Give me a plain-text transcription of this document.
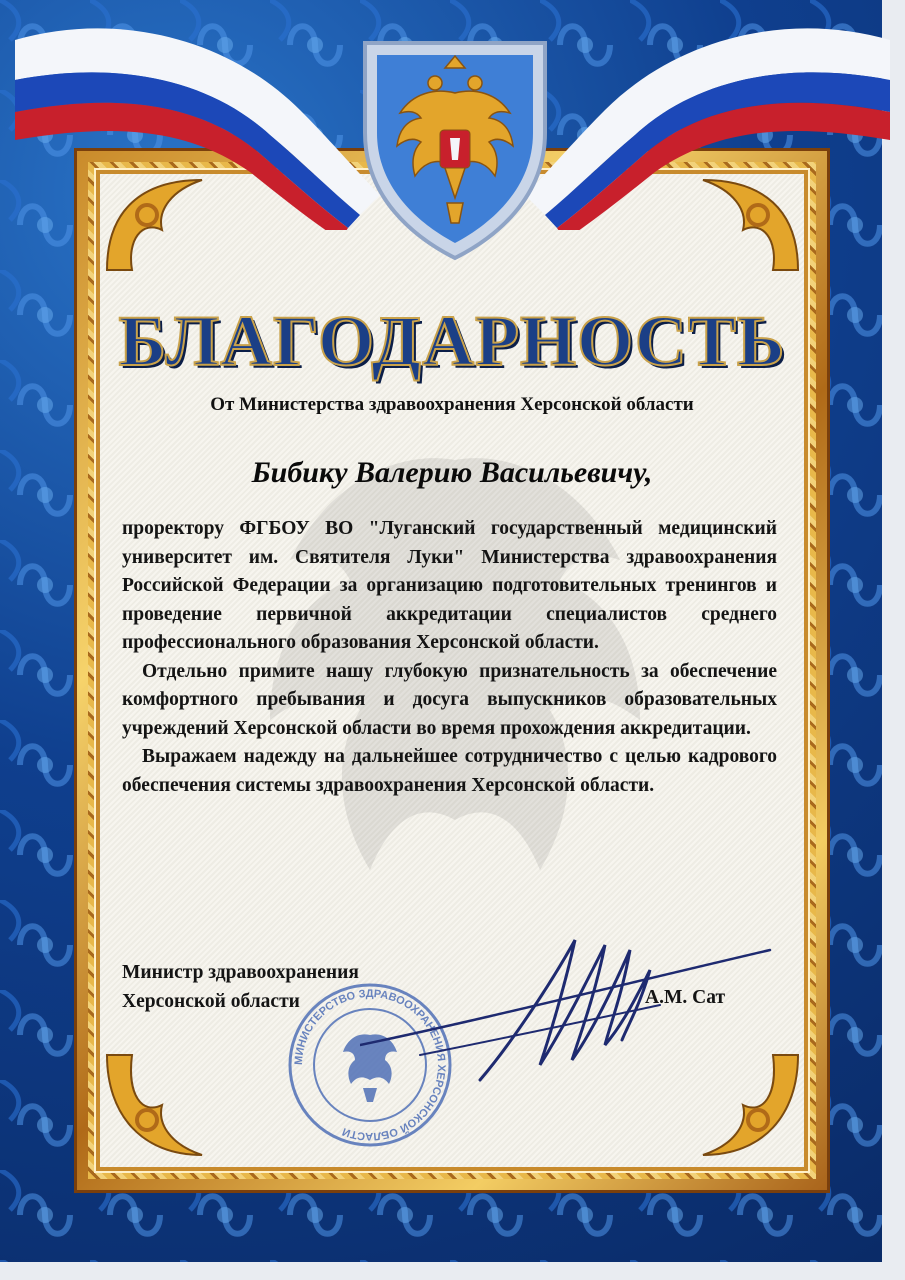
БЛАГОДАРНОСТЬ
От Министерства здравоохранения Херсонской области
Бибику Валерию Васильевичу,

проректору ФГБОУ ВО "Луганский государственный медицинский университет им. Святителя Луки" Министерства здравоохранения Российской Федерации за организацию подготовительных тренингов и проведение первичной аккредитации специалистов среднего профессионального образования Херсонской области.

Отдельно примите нашу глубокую признательность за обеспечение комфортного пребывания и досуга выпускников образовательных учреждений Херсонской области во время прохождения аккредитации.

Выражаем надежду на дальнейшее сотрудничество с целью кадрового обеспечения системы здравоохранения Херсонской области.

Министр здравоохранения
Херсонской области	А.М. Сат
МИНИСТЕРСТВО ЗДРАВООХРАНЕНИЯ ХЕРСОНСКОЙ ОБЛАСТИ
